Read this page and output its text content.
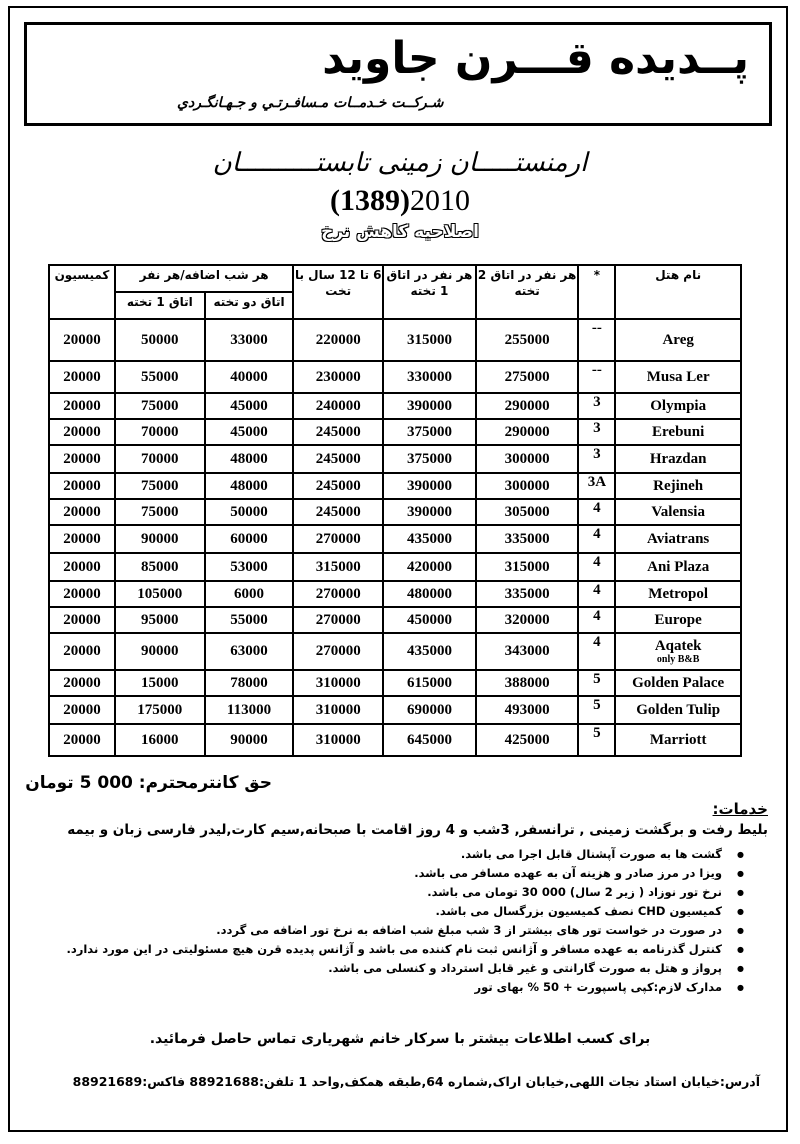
پــدیده قـــرن جاوید
شـرکــت خـدمــات مـسافـرتـي و جـهـانگـردي
ارمنستـــــان زمینی تابستــــــــــان
(1389)2010
اصلاحیه کاهش نرخ
کمیسیون	هر شب اضافه/هر نفر		6 تا 12 سال با تخت	هر نفر در اتاق 1 تخته	هر نفر در اتاق 2 تخته	*	نام هتل
	اتاق 1 تخته	اتاق دو تخته					
20000	50000	33000	220000	315000	255000	--	Areg
20000	55000	40000	230000	330000	275000	--	Musa Ler
20000	75000	45000	240000	390000	290000	3	Olympia
20000	70000	45000	245000	375000	290000	3	Erebuni
20000	70000	48000	245000	375000	300000	3	Hrazdan
20000	75000	48000	245000	390000	300000	3A	Rejineh
20000	75000	50000	245000	390000	305000	4	Valensia
20000	90000	60000	270000	435000	335000	4	Aviatrans
20000	85000	53000	315000	420000	315000	4	Ani Plaza
20000	105000	6000	270000	480000	335000	4	Metropol
20000	95000	55000	270000	450000	320000	4	Europe
20000	90000	63000	270000	435000	343000	4	Aqatek
only B&B

20000	15000	78000	310000	615000	388000	5	Golden Palace
20000	175000	113000	310000	690000	493000	5	Golden Tulip
20000	16000	90000	310000	645000	425000	5	Marriott
حق کانترمحترم: 000 5 تومان
خدمات:
بلیط رفت و برگشت زمینی , ترانسفر, 3شب و 4 روز اقامت با صبحانه,سیم کارت,لیدر فارسی زبان و بیمه
● گشت ها به صورت آپشنال قابل اجرا می باشد.
● ویزا در مرز صادر و هزینه آن به عهده مسافر می باشد.
● نرخ تور نوزاد ( زیر 2 سال) 000 30 تومان می باشد.
● کمیسیون CHD نصف کمیسیون بزرگسال می باشد.
● در صورت در خواست تور های بیشتر از 3 شب مبلغ شب اضافه به نرخ تور اضافه می گردد.
● کنترل گذرنامه به عهده مسافر و آژانس ثبت نام کننده می باشد و آژانس پدیده قرن هیچ مسئولیتی در این مورد ندارد.
● پرواز و هتل به صورت گارانتی و غیر قابل استرداد و کنسلی می باشد.
● مدارک لازم:کپی پاسپورت + 50 % بهای تور
برای کسب اطلاعات بیشتر با سرکار خانم شهریاری تماس حاصل فرمائید.
آدرس:خیابان استاد نجات اللهی,خیابان اراک,شماره 64,طبقه همکف,واحد 1 تلفن:88921688 فاکس:88921689
